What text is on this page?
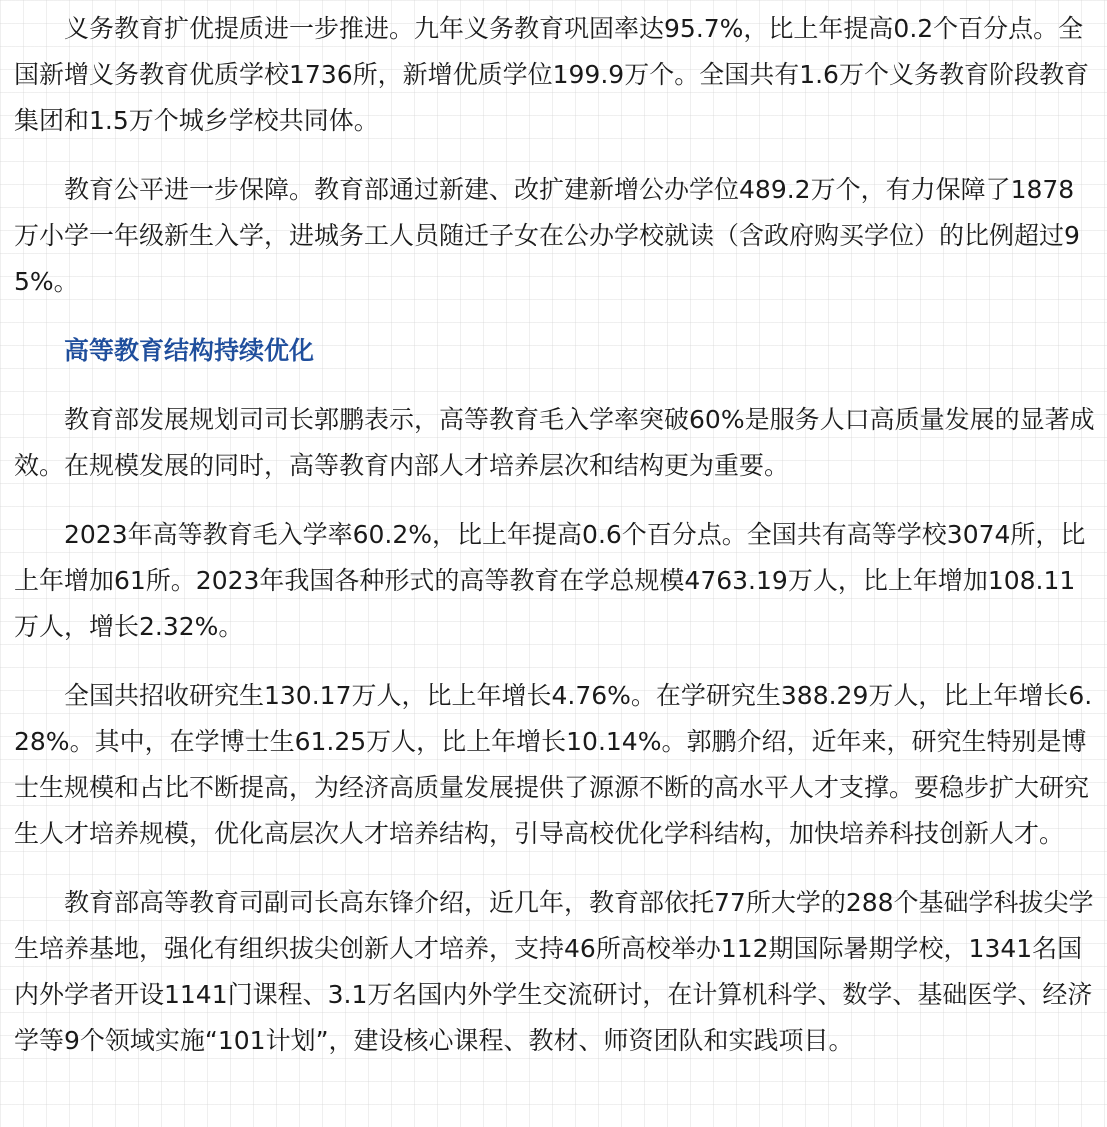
义务教育扩优提质进一步推进。九年义务教育巩固率达95.7%，比上年提高0.2个百分点。全国新增义务教育优质学校1736所，新增优质学位199.9万个。全国共有1.6万个义务教育阶段教育集团和1.5万个城乡学校共同体。

教育公平进一步保障。教育部通过新建、改扩建新增公办学位489.2万个，有力保障了1878万小学一年级新生入学，进城务工人员随迁子女在公办学校就读（含政府购买学位）的比例超过95%。

高等教育结构持续优化

教育部发展规划司司长郭鹏表示，高等教育毛入学率突破60%是服务人口高质量发展的显著成效。在规模发展的同时，高等教育内部人才培养层次和结构更为重要。

2023年高等教育毛入学率60.2%，比上年提高0.6个百分点。全国共有高等学校3074所，比上年增加61所。2023年我国各种形式的高等教育在学总规模4763.19万人，比上年增加108.11万人，增长2.32%。

全国共招收研究生130.17万人，比上年增长4.76%。在学研究生388.29万人，比上年增长6.28%。其中，在学博士生61.25万人，比上年增长10.14%。郭鹏介绍，近年来，研究生特别是博士生规模和占比不断提高，为经济高质量发展提供了源源不断的高水平人才支撑。要稳步扩大研究生人才培养规模，优化高层次人才培养结构，引导高校优化学科结构，加快培养科技创新人才。

教育部高等教育司副司长高东锋介绍，近几年，教育部依托77所大学的288个基础学科拔尖学生培养基地，强化有组织拔尖创新人才培养，支持46所高校举办112期国际暑期学校，1341名国内外学者开设1141门课程、3.1万名国内外学生交流研讨，在计算机科学、数学、基础医学、经济学等9个领域实施“101计划”，建设核心课程、教材、师资团队和实践项目。
